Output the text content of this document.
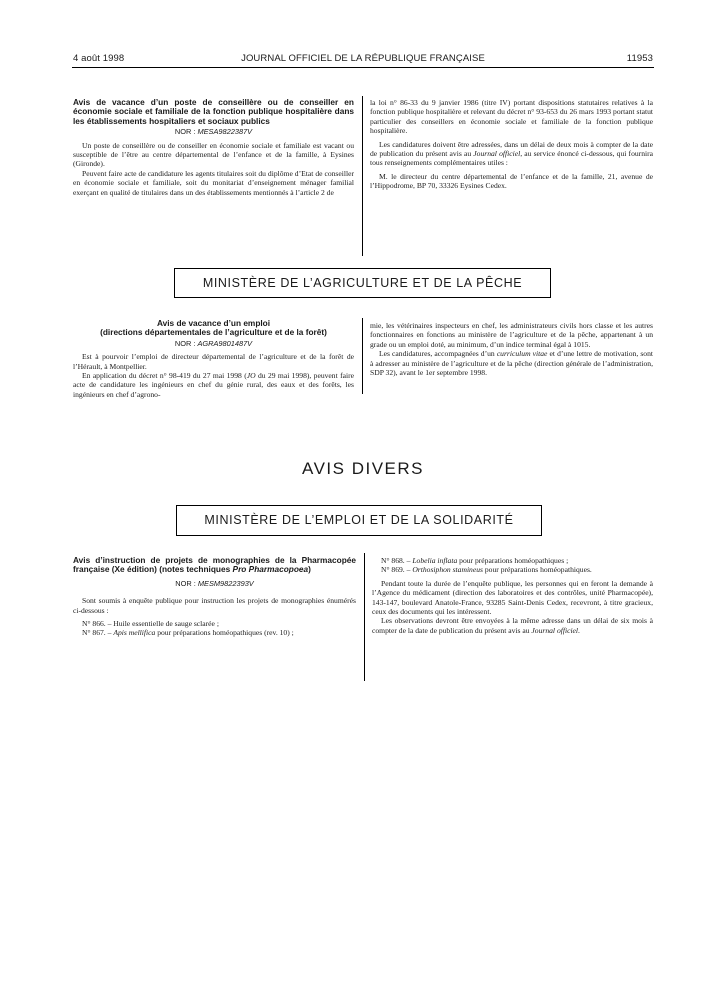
4 août 1998	JOURNAL OFFICIEL DE LA RÉPUBLIQUE FRANÇAISE	11953
Avis de vacance d’un poste de conseillère ou de conseiller en économie sociale et familiale de la fonction publique hospitalière dans les établissements hospitaliers et sociaux publics
NOR : MESA9822387V

Un poste de conseillère ou de conseiller en économie sociale et familiale est vacant ou susceptible de l’être au centre départemental de l’enfance et de la famille, à Eysines (Gironde).

Peuvent faire acte de candidature les agents titulaires soit du diplôme d’Etat de conseiller en économie sociale et familiale, soit du monitariat d’enseignement ménager familial exerçant en qualité de titulaires dans un des établissements mentionnés à l’article 2 de

la loi n° 86-33 du 9 janvier 1986 (titre IV) portant dispositions statutaires relatives à la fonction publique hospitalière et relevant du décret n° 93-653 du 26 mars 1993 portant statut particulier des conseillers en économie sociale et familiale de la fonction publique hospitalière.

Les candidatures doivent être adressées, dans un délai de deux mois à compter de la date de publication du présent avis au Journal officiel, au service énoncé ci-dessous, qui fournira tous renseignements complémentaires utiles :

M. le directeur du centre départemental de l’enfance et de la famille, 21, avenue de l’Hippodrome, BP 70, 33326 Eysines Cedex.

MINISTÈRE DE L’AGRICULTURE ET DE LA PÊCHE
Avis de vacance d’un emploi
(directions départementales de l’agriculture et de la forêt)
NOR : AGRA9801487V

Est à pourvoir l’emploi de directeur départemental de l’agriculture et de la forêt de l’Hérault, à Montpellier.

En application du décret n° 98-419 du 27 mai 1998 (JO du 29 mai 1998), peuvent faire acte de candidature les ingénieurs en chef du génie rural, des eaux et des forêts, les ingénieurs en chef d’agrono-

mie, les vétérinaires inspecteurs en chef, les administrateurs civils hors classe et les autres fonctionnaires en fonctions au ministère de l’agriculture et de la pêche, appartenant à un grade ou un emploi doté, au minimum, d’un indice terminal égal à 1015.

Les candidatures, accompagnées d’un curriculum vitae et d’une lettre de motivation, sont à adresser au ministère de l’agriculture et de la pêche (direction générale de l’administration, SDP 32), avant le 1er septembre 1998.

AVIS DIVERS
MINISTÈRE DE L’EMPLOI ET DE LA SOLIDARITÉ
Avis d’instruction de projets de monographies de la Pharmacopée française (Xe édition) (notes techniques Pro Pharmacopoea)
NOR : MESM9822393V

Sont soumis à enquête publique pour instruction les projets de monographies énumérés ci-dessous :

N° 866. – Huile essentielle de sauge sclarée ;

N° 867. – Apis mellifica pour préparations homéopathiques (rev. 10) ;

N° 868. – Lobelia inflata pour préparations homéopathiques ;

N° 869. – Orthosiphon stamineus pour préparations homéopathiques.

Pendant toute la durée de l’enquête publique, les personnes qui en feront la demande à l’Agence du médicament (direction des laboratoires et des contrôles, unité Pharmacopée), 143-147, boulevard Anatole-France, 93285 Saint-Denis Cedex, recevront, à titre gracieux, ceux des documents qui les intéressent.

Les observations devront être envoyées à la même adresse dans un délai de six mois à compter de la date de publication du présent avis au Journal officiel.
